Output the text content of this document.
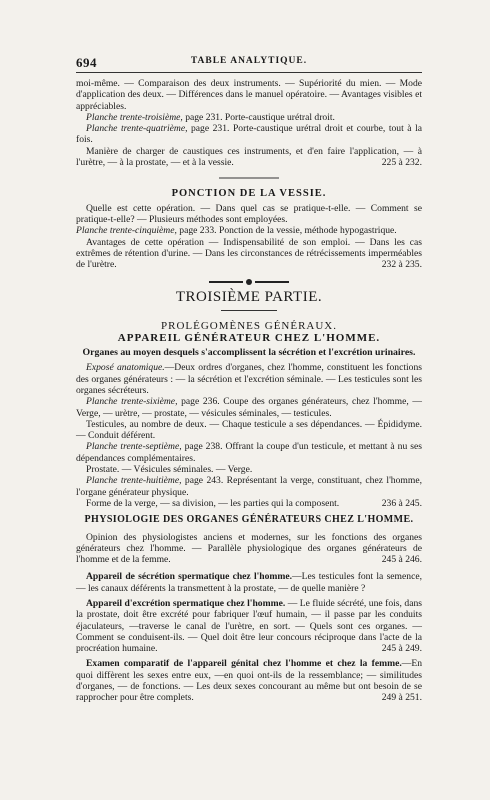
694	TABLE ANALYTIQUE.

moi-même. — Comparaison des deux instruments. — Supériorité du mien. — Mode d'application des deux. — Différences dans le manuel opératoire. — Avantages visibles et appréciables.

Planche trente-troisième, page 231. Porte-caustique urétral droit.

Planche trente-quatrième, page 231. Porte-caustique urétral droit et courbe, tout à la fois.

Manière de charger de caustiques ces instruments, et d'en faire l'application, — à l'urètre, — à la prostate, — et à la vessie.	225 à 232.

PONCTION DE LA VESSIE.

Quelle est cette opération. — Dans quel cas se pratique-t-elle. — Comment se pratique-t-elle? — Plusieurs méthodes sont employées.

Planche trente-cinquième, page 233. Ponction de la vessie, méthode hypogastrique.

Avantages de cette opération — Indispensabilité de son emploi. — Dans les cas extrêmes de rétention d'urine. — Dans les circonstances de rétrécissements imperméables de l'urètre.	232 à 235.

TROISIÈME PARTIE.
PROLÉGOMÈNES GÉNÉRAUX.
APPAREIL GÉNÉRATEUR CHEZ L'HOMME.
Organes au moyen desquels s'accomplissent la sécrétion et l'excrétion urinaires.

Exposé anatomique.—Deux ordres d'organes, chez l'homme, constituent les fonctions des organes générateurs : — la sécrétion et l'excrétion séminale. — Les testicules sont les organes sécréteurs.

Planche trente-sixième, page 236. Coupe des organes générateurs, chez l'homme, — Verge, — urètre, — prostate, — vésicules séminales, — testicules.

Testicules, au nombre de deux. — Chaque testicule a ses dépendances. — Épididyme. — Conduit déférent.

Planche trente-septième, page 238. Offrant la coupe d'un testicule, et mettant à nu ses dépendances complémentaires.

Prostate. — Vésicules séminales. — Verge.

Planche trente-huitième, page 243. Représentant la verge, constituant, chez l'homme, l'organe générateur physique.

Forme de la verge, — sa division, — les parties qui la composent.	236 à 245.

PHYSIOLOGIE DES ORGANES GÉNÉRATEURS CHEZ L'HOMME.

Opinion des physiologistes anciens et modernes, sur les fonctions des organes générateurs chez l'homme. — Parallèle physiologique des organes générateurs de l'homme et de la femme.	245 à 246.

Appareil de sécrétion spermatique chez l'homme.—Les testicules font la semence, — les canaux déférents la transmettent à la prostate, — de quelle manière ?

Appareil d'excrétion spermatique chez l'homme. — Le fluide sécrété, une fois, dans la prostate, doit être excrété pour fabriquer l'œuf humain, — il passe par les conduits éjaculateurs, —traverse le canal de l'urètre, en sort. — Quels sont ces organes. — Comment se conduisent-ils. — Quel doit être leur concours réciproque dans l'acte de la procréation humaine.	245 à 249.

Examen comparatif de l'appareil génital chez l'homme et chez la femme.—En quoi diffèrent les sexes entre eux, —en quoi ont-ils de la ressemblance; — similitudes d'organes, — de fonctions. — Les deux sexes concourant au même but ont besoin de se rapprocher pour être complets.	249 à 251.
